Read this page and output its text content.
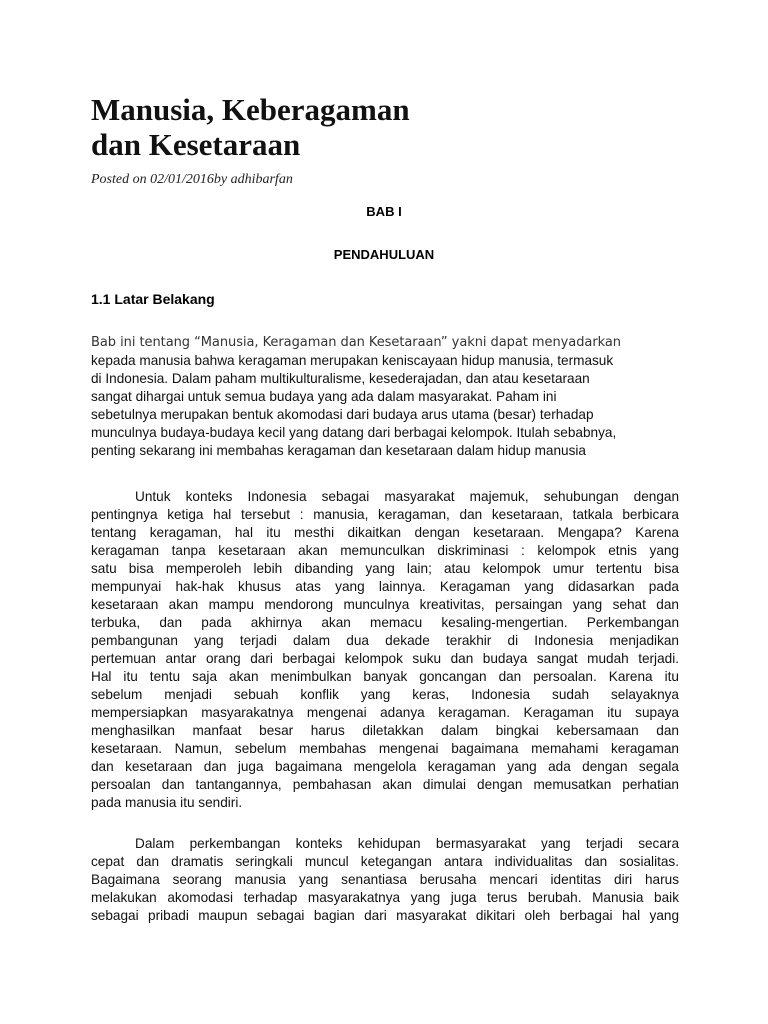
Manusia, Keberagaman
dan Kesetaraan
Posted on 02/01/2016by adhibarfan
BAB I
PENDAHULUAN
1.1 Latar Belakang
Bab ini tentang “Manusia, Keragaman dan Kesetaraan” yakni dapat menyadarkan
kepada manusia bahwa keragaman merupakan keniscayaan hidup manusia, termasuk
di Indonesia. Dalam paham multikulturalisme, kesederajadan, dan atau kesetaraan
sangat dihargai untuk semua budaya yang ada dalam masyarakat. Paham ini
sebetulnya merupakan bentuk akomodasi dari budaya arus utama (besar) terhadap
munculnya budaya-budaya kecil yang datang dari berbagai kelompok. Itulah sebabnya,
penting sekarang ini membahas keragaman dan kesetaraan dalam hidup manusia
Untuk konteks Indonesia sebagai masyarakat majemuk, sehubungan dengan
pentingnya ketiga hal tersebut : manusia, keragaman, dan kesetaraan, tatkala berbicara
tentang keragaman, hal itu mesthi dikaitkan dengan kesetaraan. Mengapa? Karena
keragaman tanpa kesetaraan akan memunculkan diskriminasi : kelompok etnis yang
satu bisa memperoleh lebih dibanding yang lain; atau kelompok umur tertentu bisa
mempunyai hak-hak khusus atas yang lainnya. Keragaman yang didasarkan pada
kesetaraan akan mampu mendorong munculnya kreativitas, persaingan yang sehat dan
terbuka, dan pada akhirnya akan memacu kesaling-mengertian. Perkembangan
pembangunan yang terjadi dalam dua dekade terakhir di Indonesia menjadikan
pertemuan antar orang dari berbagai kelompok suku dan budaya sangat mudah terjadi.
Hal itu tentu saja akan menimbulkan banyak goncangan dan persoalan. Karena itu
sebelum menjadi sebuah konflik yang keras, Indonesia sudah selayaknya
mempersiapkan masyarakatnya mengenai adanya keragaman. Keragaman itu supaya
menghasilkan manfaat besar harus diletakkan dalam bingkai kebersamaan dan
kesetaraan. Namun, sebelum membahas mengenai bagaimana memahami keragaman
dan kesetaraan dan juga bagaimana mengelola keragaman yang ada dengan segala
persoalan dan tantangannya, pembahasan akan dimulai dengan memusatkan perhatian
pada manusia itu sendiri.
Dalam perkembangan konteks kehidupan bermasyarakat yang terjadi secara
cepat dan dramatis seringkali muncul ketegangan antara individualitas dan sosialitas.
Bagaimana seorang manusia yang senantiasa berusaha mencari identitas diri harus
melakukan akomodasi terhadap masyarakatnya yang juga terus berubah. Manusia baik
sebagai pribadi maupun sebagai bagian dari masyarakat dikitari oleh berbagai hal yang
